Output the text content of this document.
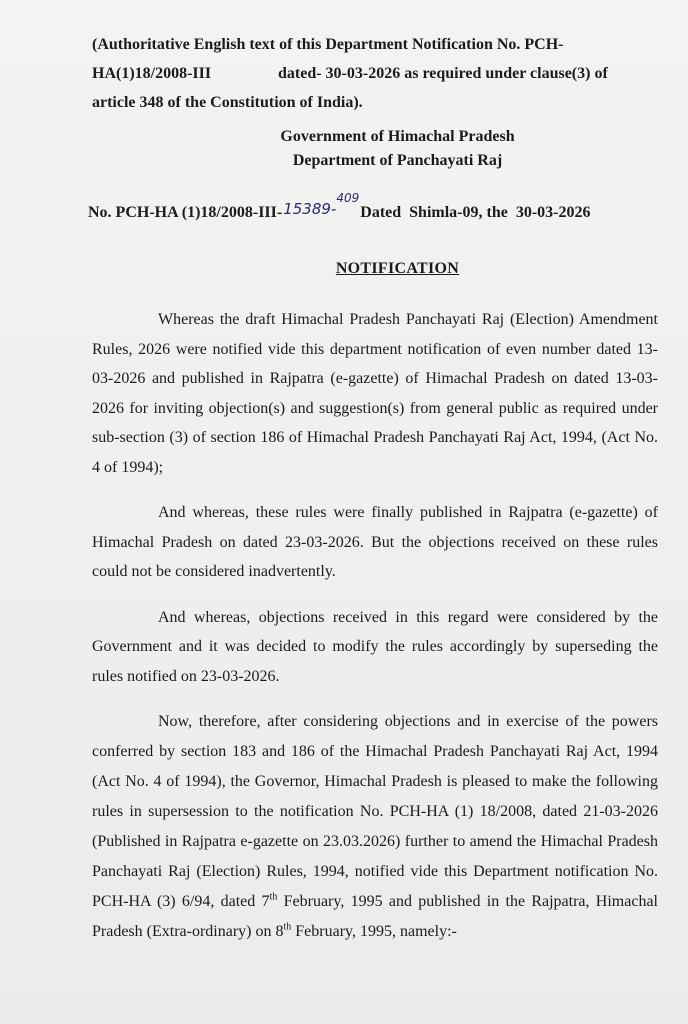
(Authoritative English text of this Department Notification No. PCH-
HA(1)18/2008-III	dated- 30-03-2026 as required under clause(3) of
article 348 of the Constitution of India).
Government of Himachal Pradesh
Department of Panchayati Raj
No. PCH-HA (1)18/2008-III- 15389-$^{409}$
Dated  Shimla-09, the  30-03-2026
NOTIFICATION

Whereas the draft Himachal Pradesh Panchayati Raj (Election) Amendment Rules, 2026 were notified vide this department notification of even number dated 13-03-2026 and published in Rajpatra (e-gazette) of Himachal Pradesh on dated 13-03-2026 for inviting objection(s) and suggestion(s) from general public as required under sub-section (3) of section 186 of Himachal Pradesh Panchayati Raj Act, 1994, (Act No. 4 of 1994);

And whereas, these rules were finally published in Rajpatra (e-gazette) of Himachal Pradesh on dated 23-03-2026. But the objections received on these rules could not be considered inadvertently.

And whereas, objections received in this regard were considered by the Government and it was decided to modify the rules accordingly by superseding the rules notified on 23-03-2026.

Now, therefore, after considering objections and in exercise of the powers conferred by section 183 and 186 of the Himachal Pradesh Panchayati Raj Act, 1994 (Act No. 4 of 1994), the Governor, Himachal Pradesh is pleased to make the following rules in supersession to the notification No. PCH-HA (1) 18/2008, dated 21-03-2026 (Published in Rajpatra e-gazette on 23.03.2026) further to amend the Himachal Pradesh Panchayati Raj (Election) Rules, 1994, notified vide this Department notification No. PCH-HA (3) 6/94, dated 7th February, 1995 and published in the Rajpatra, Himachal Pradesh (Extra-ordinary) on 8th February, 1995, namely:-
